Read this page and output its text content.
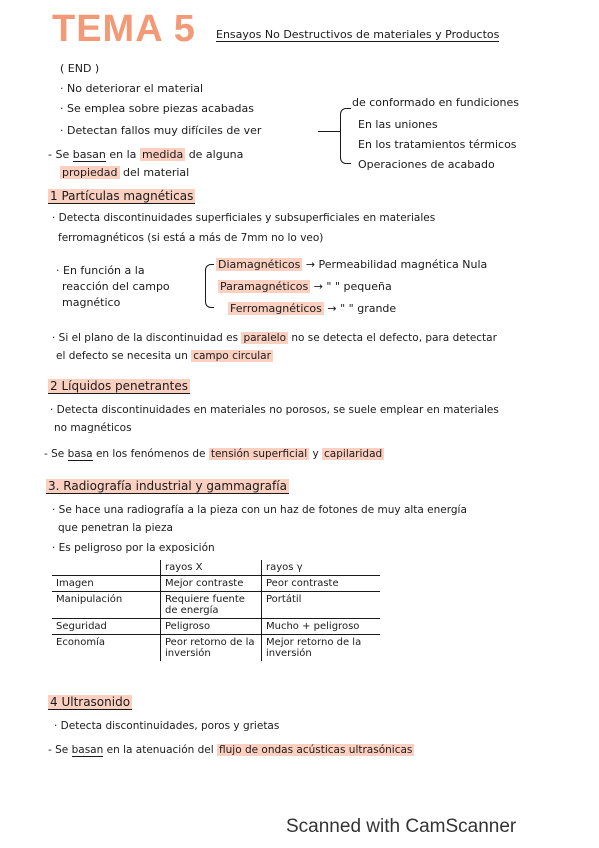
TEMA 5 Ensayos No Destructivos de materiales y Productos
( END )
· No deteriorar el material
· Se emplea sobre piezas acabadas
· Detectan fallos muy difíciles de ver
de conformado en fundiciones
En las uniones
En los tratamientos térmicos
Operaciones de acabado
- Se basan en la medida de alguna
propiedad del material
1 Partículas magnéticas
· Detecta discontinuidades superficiales y subsuperficiales en materiales
ferromagnéticos (si está a más de 7mm no lo veo)
· En función a la
reacción del campo
magnético
Diamagnéticos → Permeabilidad magnética Nula
Paramagnéticos → " " pequeña
Ferromagnéticos → " " grande
· Si el plano de la discontinuidad es paralelo no se detecta el defecto, para detectar
el defecto se necesita un campo circular
2 Líquidos penetrantes
· Detecta discontinuidades en materiales no porosos, se suele emplear en materiales
no magnéticos
- Se basa en los fenómenos de tensión superficial y capilaridad
3. Radiografía industrial y gammagrafía
· Se hace una radiografía a la pieza con un haz de fotones de muy alta energía
que penetran la pieza
· Es peligroso por la exposición
	rayos X	rayos γ
Imagen	Mejor contraste	Peor contraste
Manipulación	Requiere fuente de energía	Portátil
Seguridad	Peligroso	Mucho + peligroso
Economía	Peor retorno de la inversión	Mejor retorno de la inversión
4 Ultrasonido
· Detecta discontinuidades, poros y grietas
- Se basan en la atenuación del flujo de ondas acústicas ultrasónicas
Scanned with CamScanner
